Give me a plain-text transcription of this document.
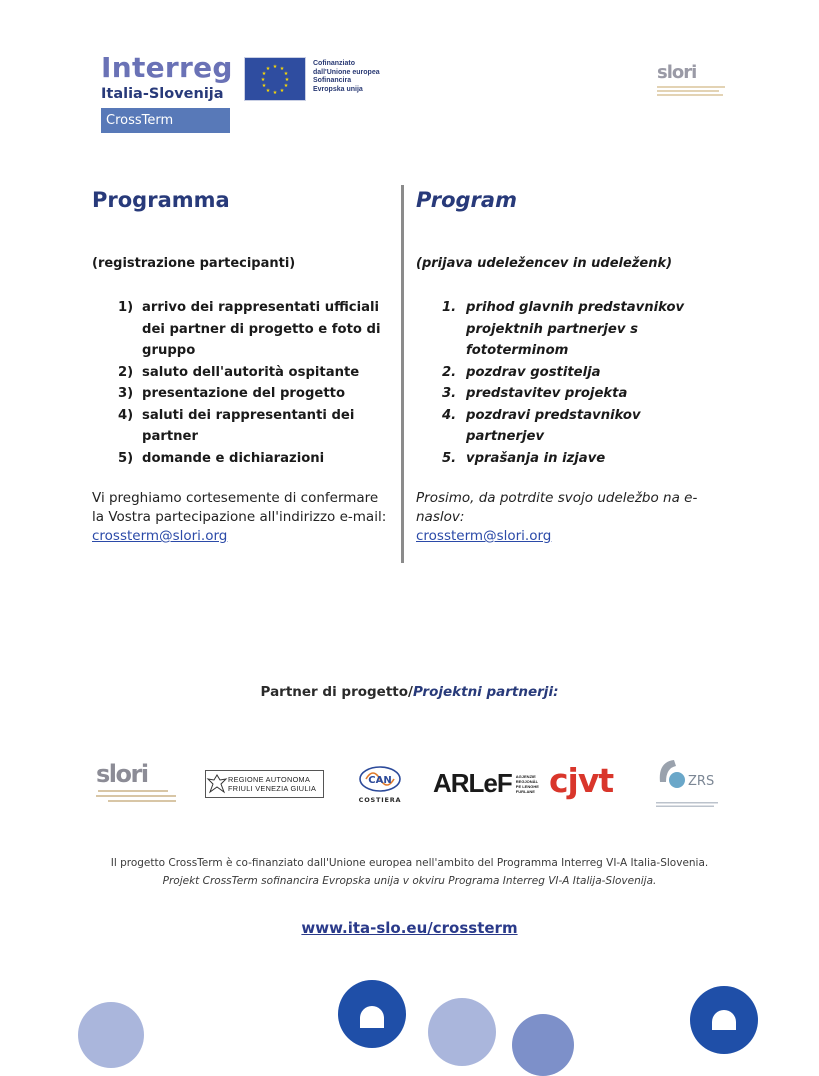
Interreg
Italia-Slovenija
CrossTerm
★ ★
★
★
★
★
★
★
★
★
★
★
Cofinanziato
dall'Unione europea
Sofinancira
Evropska unija
slori
Programma
(registrazione partecipanti)
1) arrivo dei rappresentati ufficiali dei partner di progetto e foto di gruppo
2) saluto dell'autorità ospitante
3) presentazione del progetto
4) saluti dei rappresentanti dei partner
5) domande e dichiarazioni
Vi preghiamo cortesemente di confermare la Vostra partecipazione all'indirizzo e-mail:
crossterm@slori.org
Program
(prijava udeležencev in udeleženk)
1. prihod glavnih predstavnikov projektnih partnerjev s fototerminom
2. pozdrav gostitelja
3. predstavitev projekta
4. pozdravi predstavnikov partnerjev
5. vprašanja in izjave
Prosimo, da potrdite svojo udeležbo na e-naslov:
crossterm@slori.org
Partner di progetto/Projektni partnerji:
slori	REGIONE AUTONOMA
FRIULI VENEZIA GIULIA
CAN
COSTIERA
ARLeF AGJENZIE REGJONÂL PE LENGHE FURLANE cjvt	ZRS

Il progetto CrossTerm è co-finanziato dall'Unione europea nell'ambito del Programma Interreg VI-A Italia-Slovenia.
Projekt CrossTerm sofinancira Evropska unija v okviru Programa Interreg VI-A Italija-Slovenija.
www.ita-slo.eu/crossterm
